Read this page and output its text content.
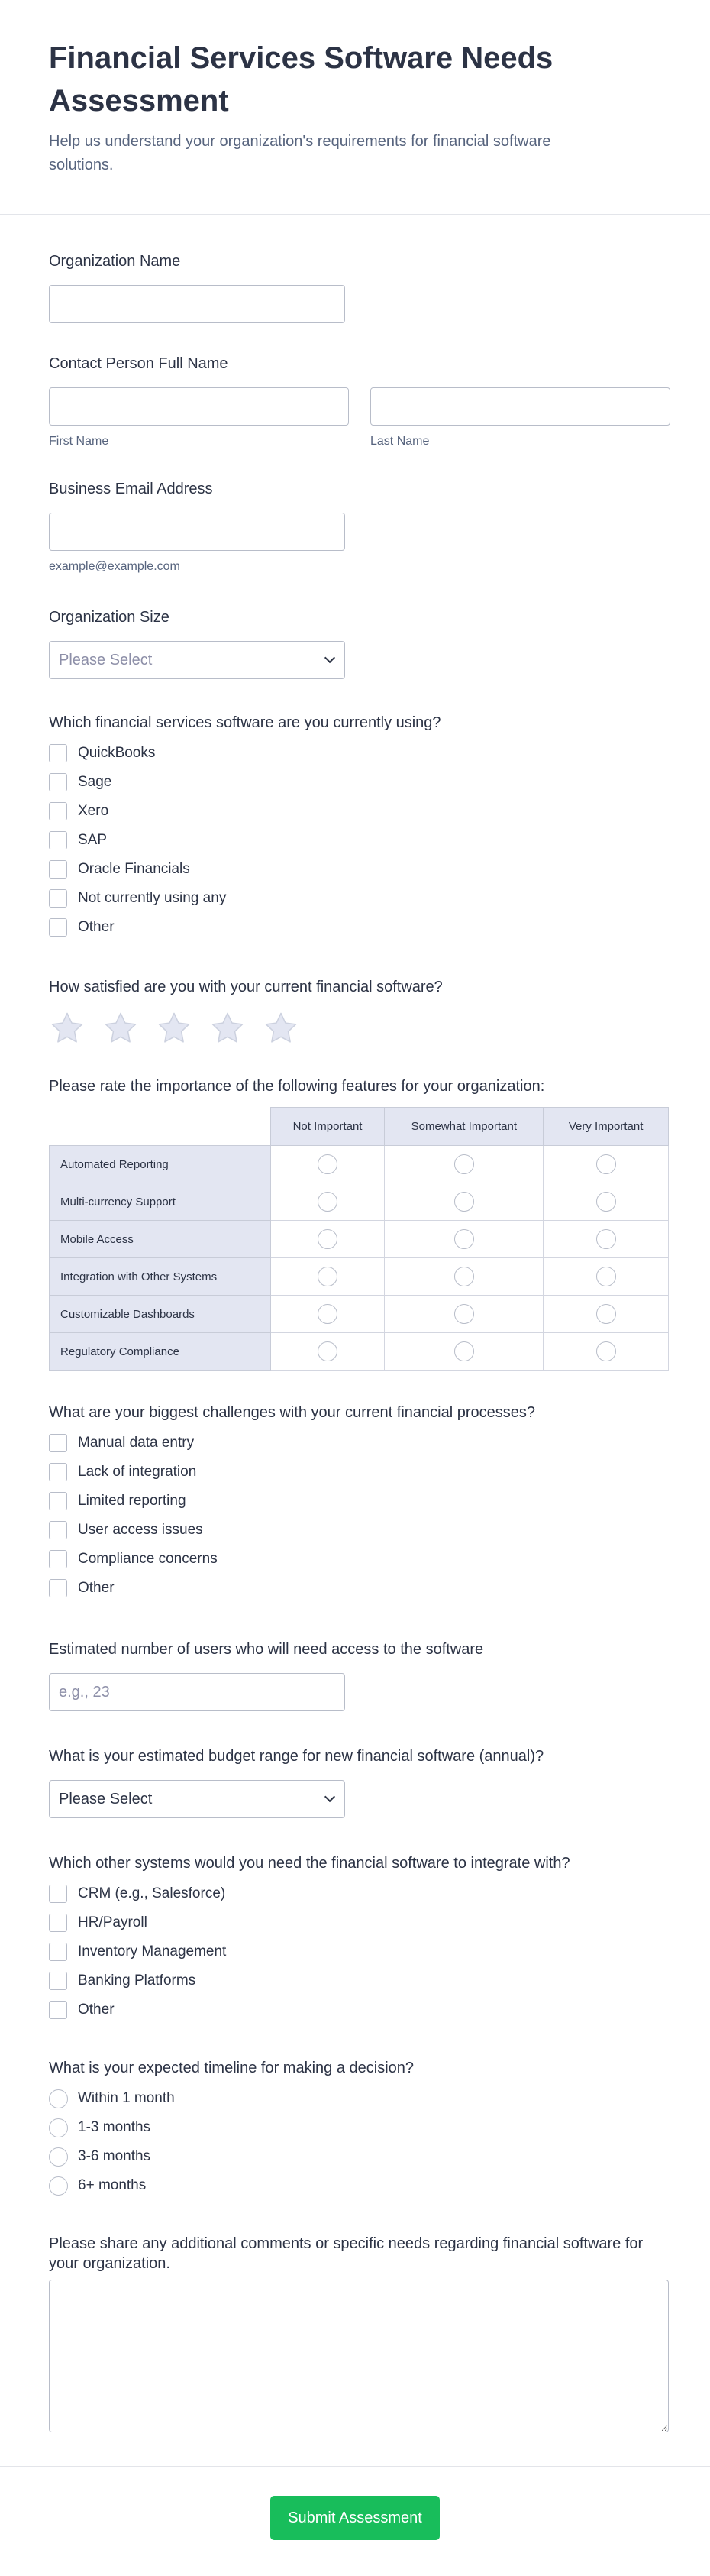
Financial Services Software Needs Assessment

Help us understand your organization's requirements for financial software solutions.

Organization Name
Contact Person Full Name
First Name	Last Name
Business Email Address
example@example.com
Organization Size
Please Select
Which financial services software are you currently using?
QuickBooks
Sage
Xero
SAP
Oracle Financials
Not currently using any
Other
How satisfied are you with your current financial software?
Please rate the importance of the following features for your organization:
	Not Important	Somewhat Important	Very Important
Automated Reporting			
Multi-currency Support			
Mobile Access			
Integration with Other Systems			
Customizable Dashboards			
Regulatory Compliance			
What are your biggest challenges with your current financial processes?
Manual data entry
Lack of integration
Limited reporting
User access issues
Compliance concerns
Other
Estimated number of users who will need access to the software
e.g., 23
What is your estimated budget range for new financial software (annual)?
Please Select
Which other systems would you need the financial software to integrate with?
CRM (e.g., Salesforce)
HR/Payroll
Inventory Management
Banking Platforms
Other
What is your expected timeline for making a decision?
Within 1 month
1-3 months
3-6 months
6+ months
Please share any additional comments or specific needs regarding financial software for your organization.
Submit Assessment
